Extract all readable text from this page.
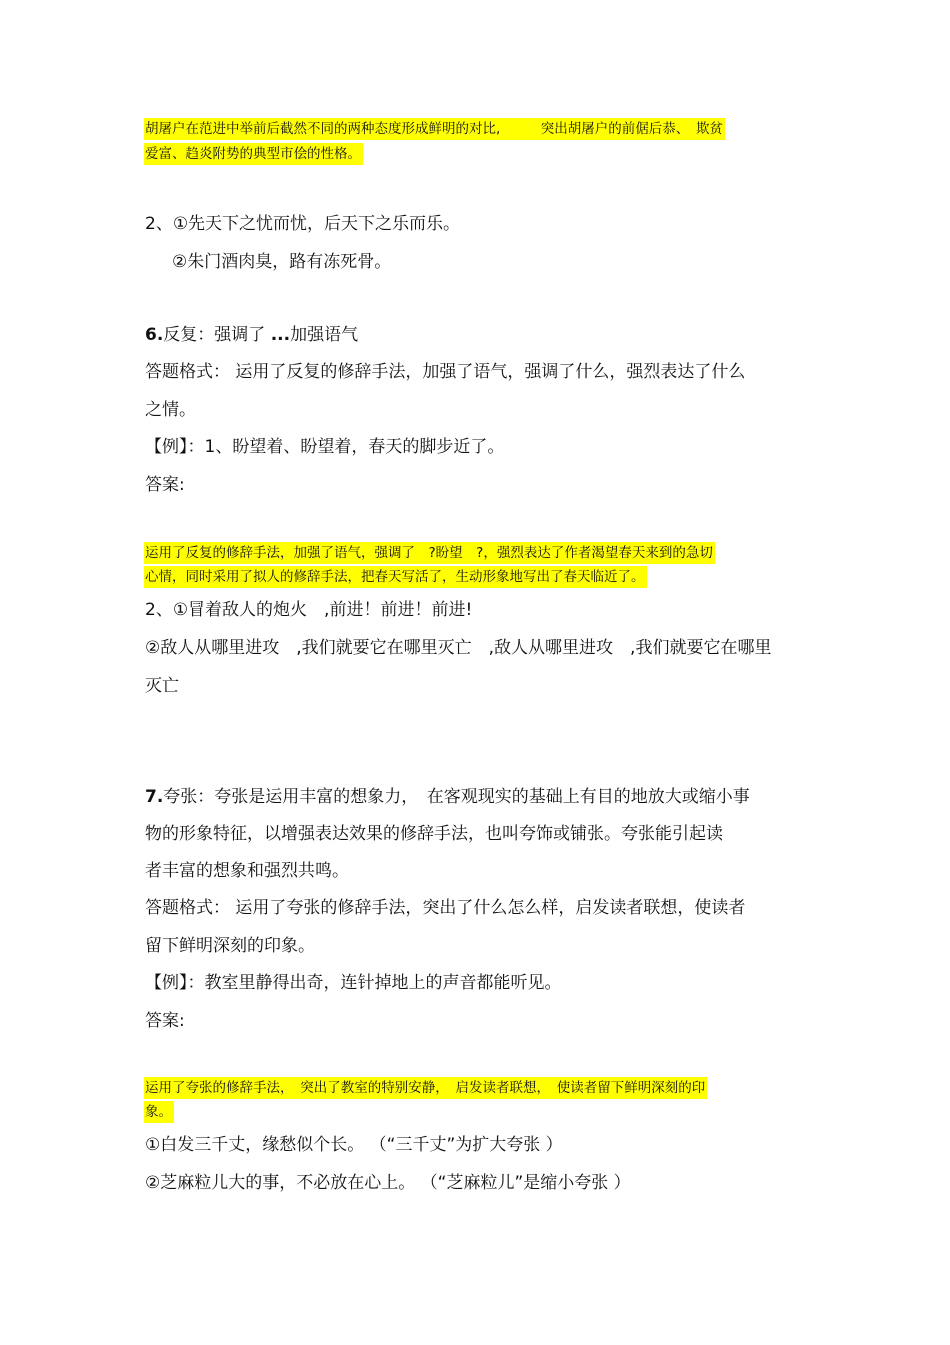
胡屠户在范进中举前后截然不同的两种态度形成鲜明的对比,　　　突出胡屠户的前倨后恭、　欺贫
爱富、趋炎附势的典型市侩的性格。
2、①先天下之忧而忧，后天下之乐而乐。
②朱门酒肉臭，路有冻死骨。
6.反复：强调了 ...加强语气
答题格式： 运用了反复的修辞手法，加强了语气，强调了什么，强烈表达了什么
之情。
【例】：1、盼望着、盼望着，春天的脚步近了。
答案:
运用了反复的修辞手法，加强了语气，强调了　?盼望　?，强烈表达了作者渴望春天来到的急切
心情，同时采用了拟人的修辞手法，把春天写活了，生动形象地写出了春天临近了。
2、①冒着敌人的炮火　,前进！前进！前进!
②敌人从哪里进攻　,我们就要它在哪里灭亡　,敌人从哪里进攻　,我们就要它在哪里
灭亡
7.夸张：夸张是运用丰富的想象力，　在客观现实的基础上有目的地放大或缩小事
物的形象特征，以增强表达效果的修辞手法，也叫夸饰或铺张。夸张能引起读
者丰富的想象和强烈共鸣。
答题格式： 运用了夸张的修辞手法，突出了什么怎么样，启发读者联想，使读者
留下鲜明深刻的印象。
【例】：教室里静得出奇，连针掉地上的声音都能听见。
答案:
运用了夸张的修辞手法，　突出了教室的特别安静，　启发读者联想，　使读者留下鲜明深刻的印
象。
①白发三千丈，缘愁似个长。 （“三千丈”为扩大夸张 ）
②芝麻粒儿大的事，不必放在心上。 （“芝麻粒儿”是缩小夸张 ）
